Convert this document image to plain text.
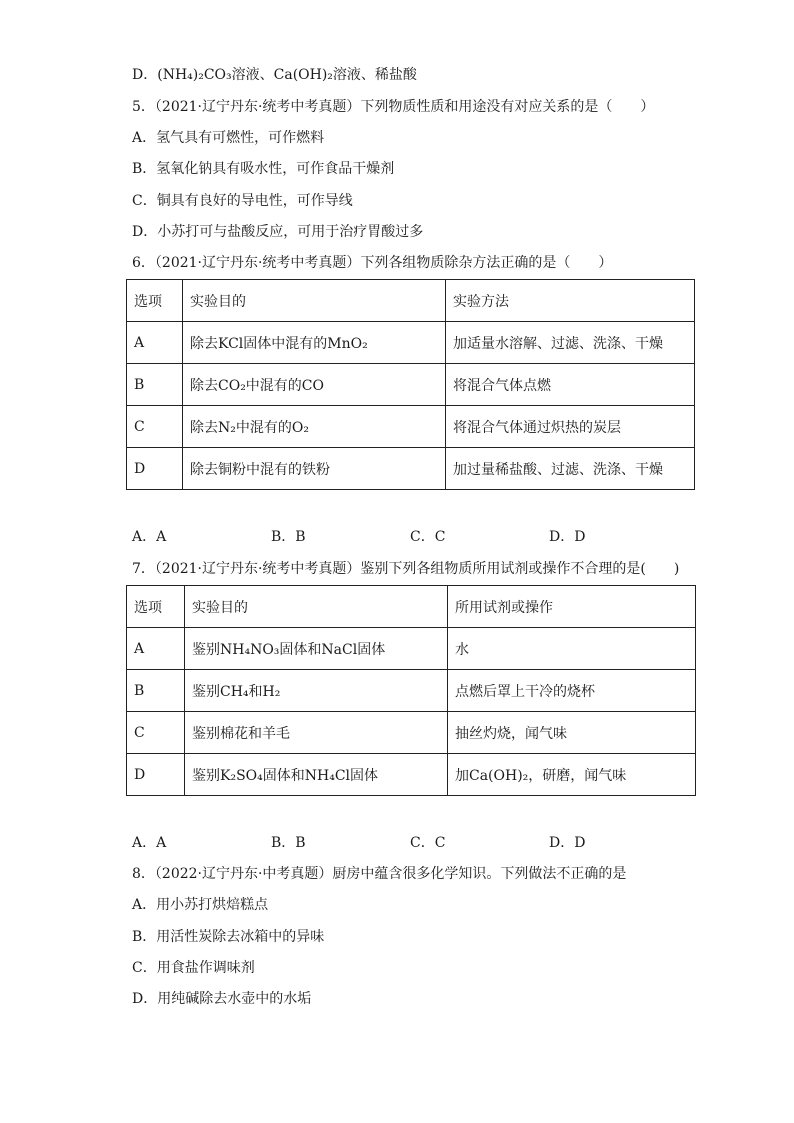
D．(NH₄)₂CO₃溶液、Ca(OH)₂溶液、稀盐酸
5．（2021·辽宁丹东·统考中考真题）下列物质性质和用途没有对应关系的是（　　）
A．氢气具有可燃性，可作燃料
B．氢氧化钠具有吸水性，可作食品干燥剂
C．铜具有良好的导电性，可作导线
D．小苏打可与盐酸反应，可用于治疗胃酸过多
6．（2021·辽宁丹东·统考中考真题）下列各组物质除杂方法正确的是（　　）
选项	实验目的	实验方法
A	除去KCl固体中混有的MnO₂	加适量水溶解、过滤、洗涤、干燥
B	除去CO₂中混有的CO	将混合气体点燃
C	除去N₂中混有的O₂	将混合气体通过炽热的炭层
D	除去铜粉中混有的铁粉	加过量稀盐酸、过滤、洗涤、干燥
A．A	B．B	C．C	D．D
7．（2021·辽宁丹东·统考中考真题）鉴别下列各组物质所用试剂或操作不合理的是(　　)
选项	实验目的	所用试剂或操作
A	鉴别NH₄NO₃固体和NaCl固体	水
B	鉴别CH₄和H₂	点燃后罩上干冷的烧杯
C	鉴别棉花和羊毛	抽丝灼烧，闻气味
D	鉴别K₂SO₄固体和NH₄Cl固体	加Ca(OH)₂，研磨，闻气味
A．A	B．B	C．C	D．D
8．（2022·辽宁丹东·中考真题）厨房中蕴含很多化学知识。下列做法不正确的是
A．用小苏打烘焙糕点
B．用活性炭除去冰箱中的异味
C．用食盐作调味剂
D．用纯碱除去水壶中的水垢
